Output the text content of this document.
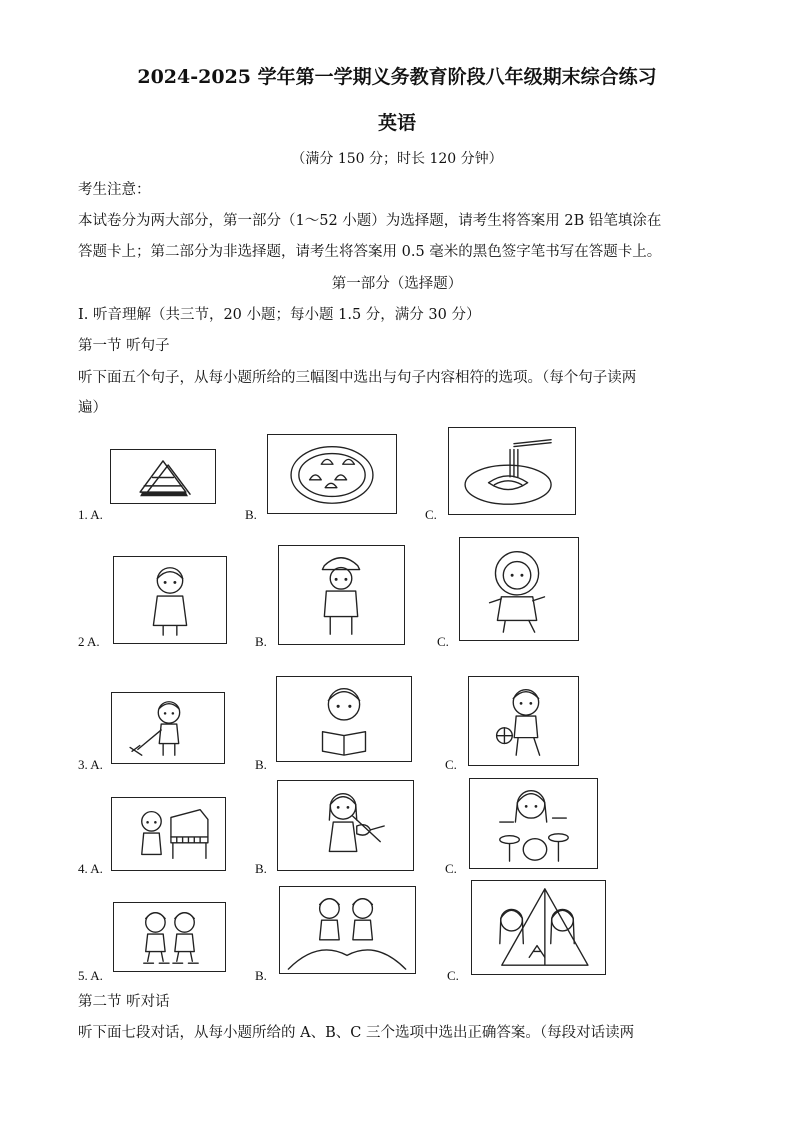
2024-2025 学年第一学期义务教育阶段八年级期末综合练习
英语
（满分 150 分；时长 120 分钟）
考生注意：
本试卷分为两大部分，第一部分（1～52 小题）为选择题，请考生将答案用 2B 铅笔填涂在
答题卡上；第二部分为非选择题，请考生将答案用 0.5 毫米的黑色签字笔书写在答题卡上。
第一部分（选择题）
Ⅰ. 听音理解（共三节，20 小题；每小题 1.5 分，满分 30 分）
第一节 听句子
听下面五个句子，从每小题所给的三幅图中选出与句子内容相符的选项。（每个句子读两
遍）
1. A.	B.	C.
2 A.	B.	C.
3. A.	B.	C.
4. A.	B.	C.
5. A.	B.	C.
第二节 听对话
听下面七段对话，从每小题所给的 A、B、C 三个选项中选出正确答案。（每段对话读两
